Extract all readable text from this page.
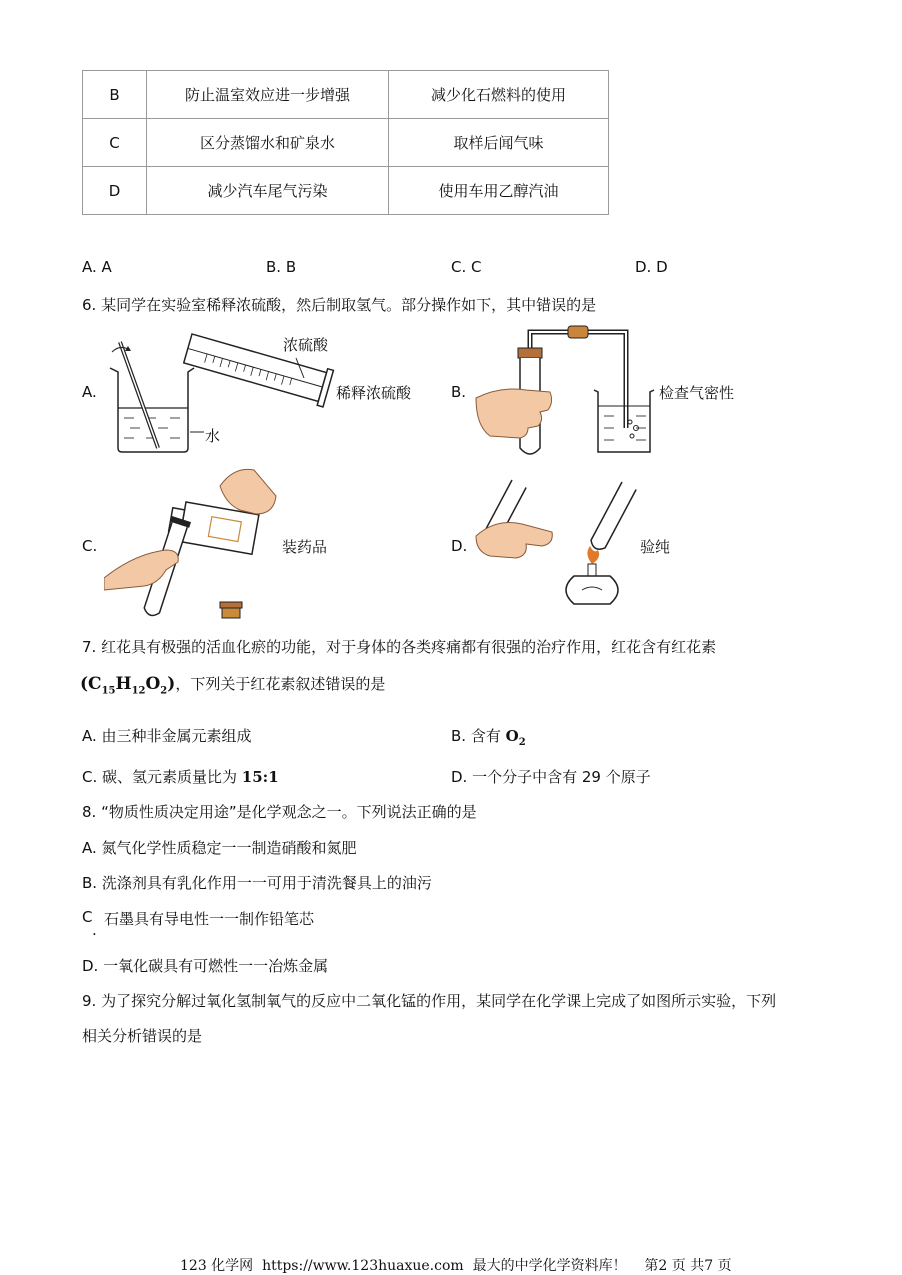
B	防止温室效应进一步增强	减少化石燃料的使用
C	区分蒸馏水和矿泉水	取样后闻气味
D	减少汽车尾气污染	使用车用乙醇汽油
A. A	B. B	C. C	D. D
6. 某同学在实验室稀释浓硫酸，然后制取氢气。部分操作如下，其中错误的是
A.
浓硫酸
水
稀释浓硫酸	B.	检查气密性
C.	装药品	D.	验纯
7. 红花具有极强的活血化瘀的功能，对于身体的各类疼痛都有很强的治疗作用，红花含有红花素
$(C_{15}H_{12}O_2)$，下列关于红花素叙述错误的是
A. 由三种非金属元素组成	B. 含有 $O_2$
C. 碳、氢元素质量比为 15:1	D. 一个分子中含有 29 个原子
8. “物质性质决定用途”是化学观念之一。下列说法正确的是
A. 氮气化学性质稳定一一制造硝酸和氮肥
B. 洗涤剂具有乳化作用一一可用于清洗餐具上的油污
C
.
石墨具有导电性一一制作铅笔芯
D. 一氧化碳具有可燃性一一冶炼金属
9. 为了探究分解过氧化氢制氧气的反应中二氧化锰的作用，某同学在化学课上完成了如图所示实验，下列
相关分析错误的是
123 化学网 https://www.123huaxue.com 最大的中学化学资料库！ 第2 页 共7 页
